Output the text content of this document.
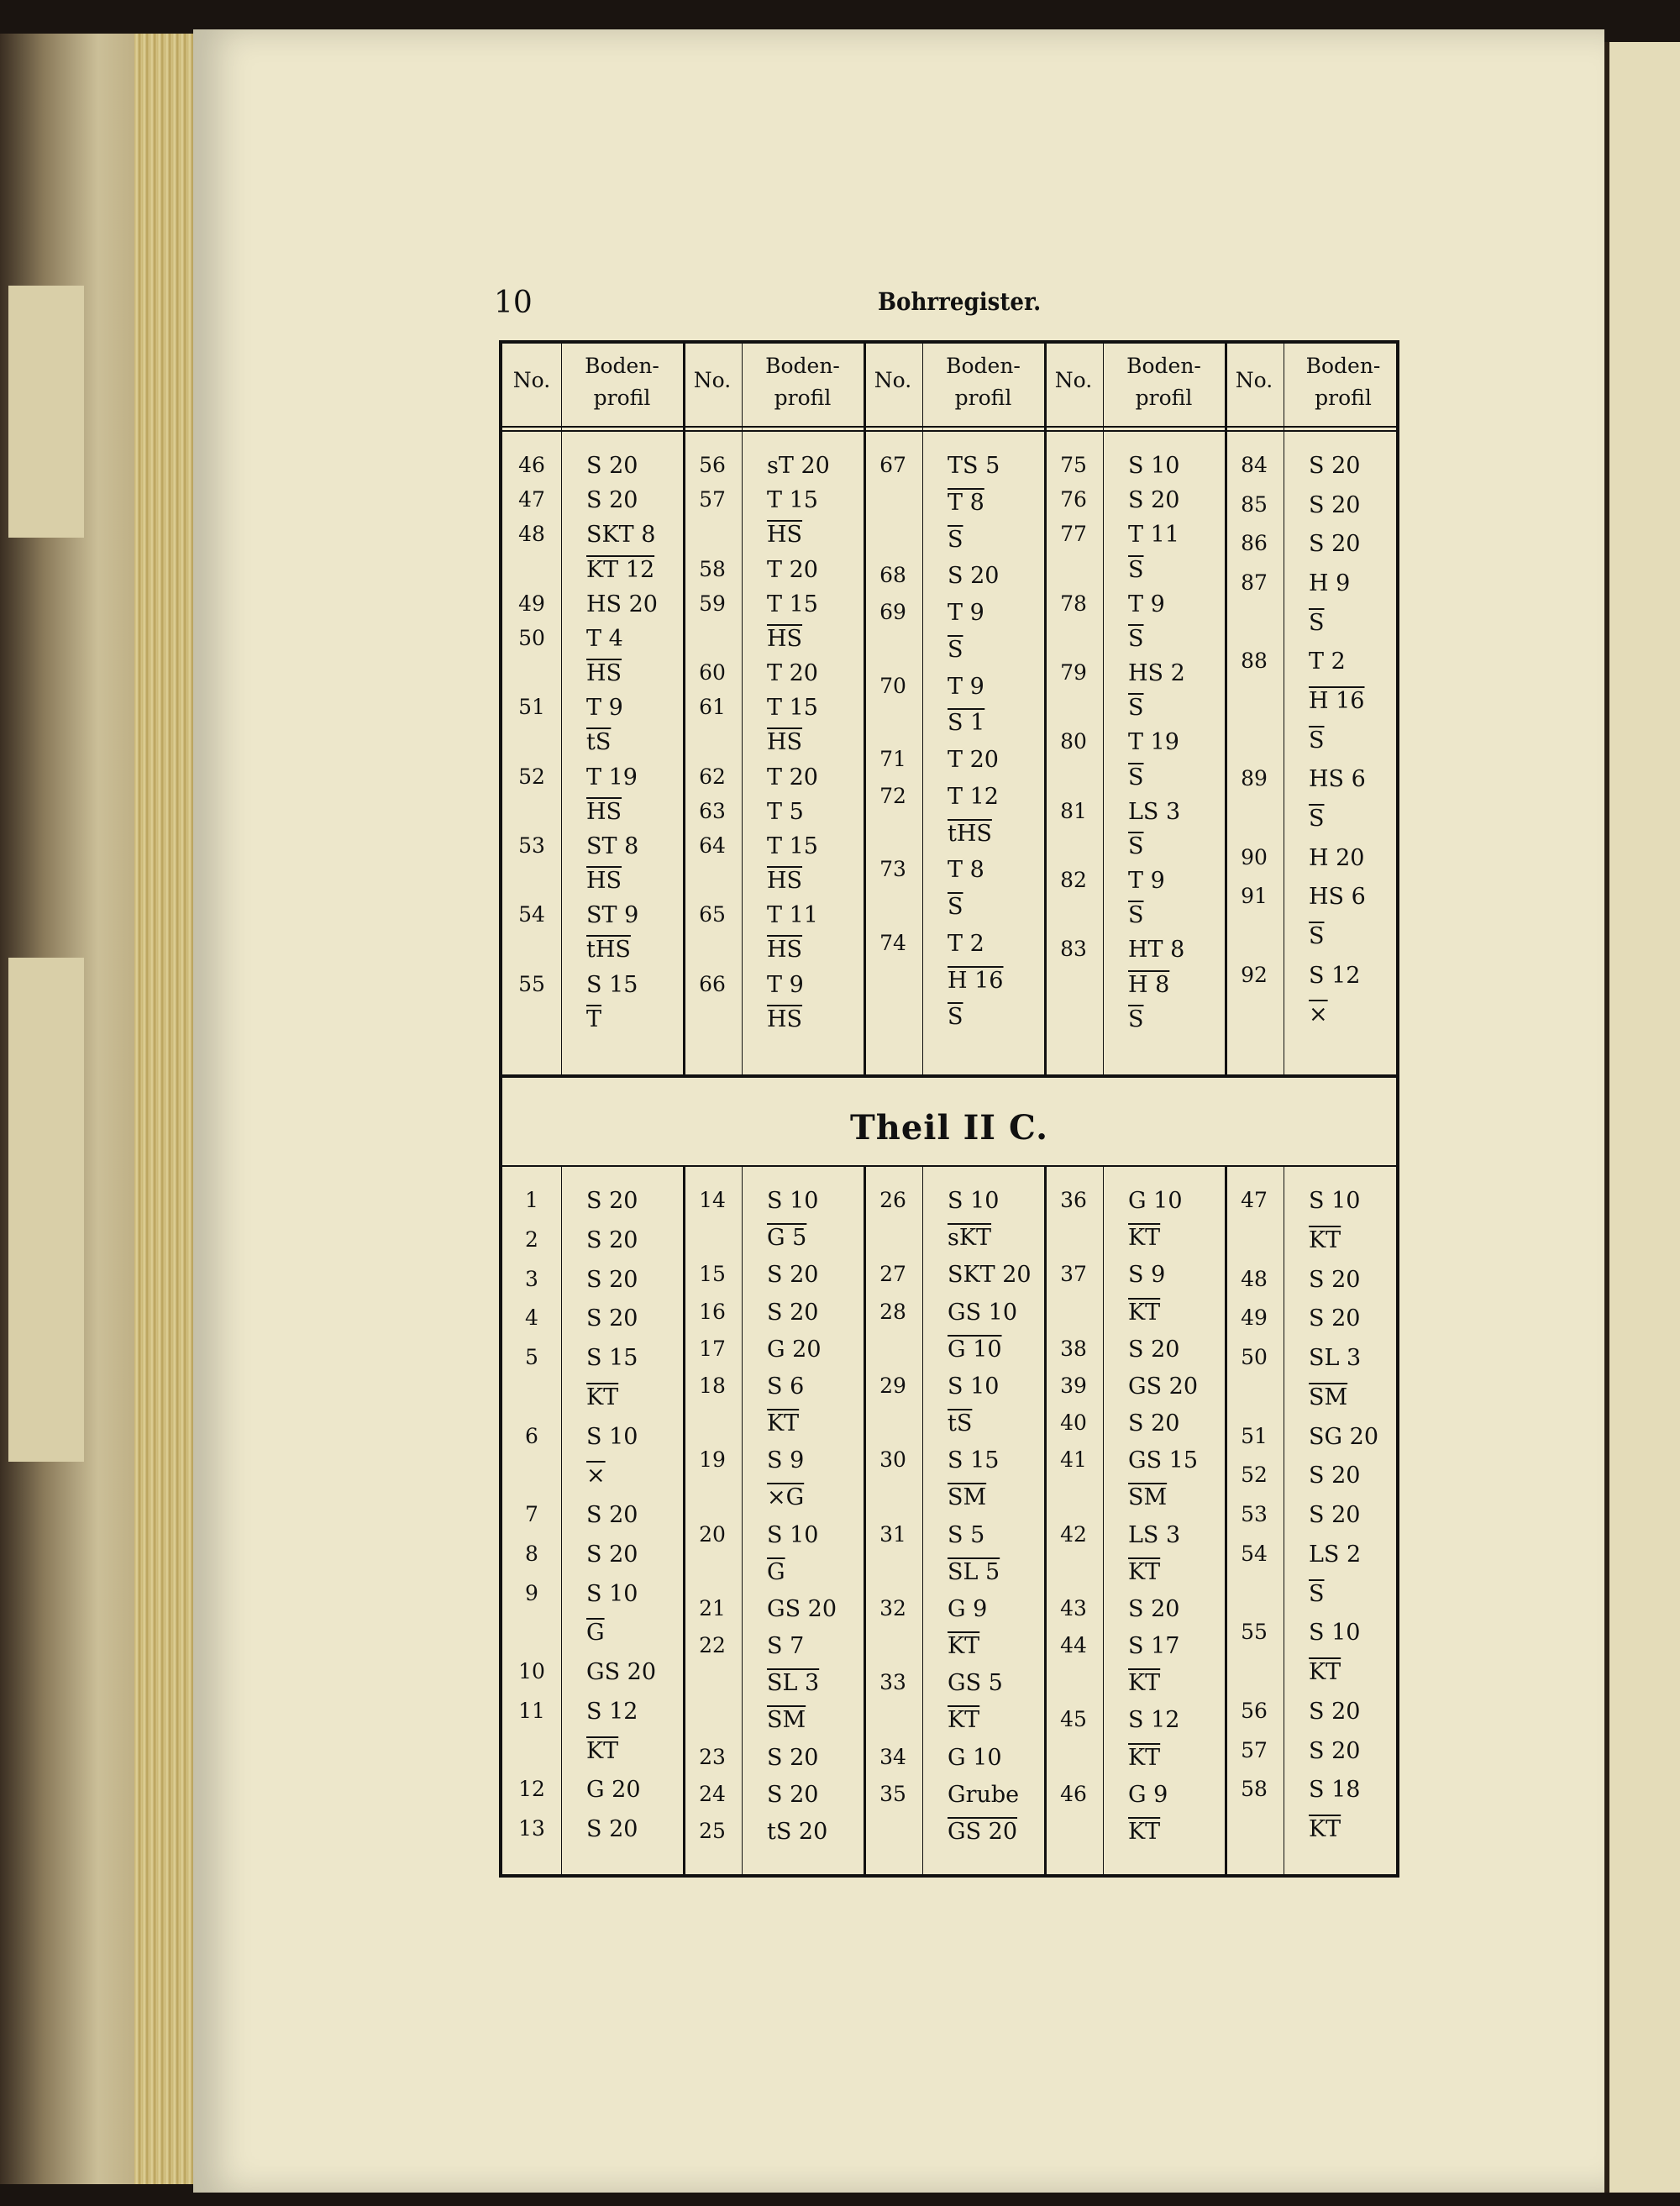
10	Bohrregister.
Theil II C.
No.
Boden-
profil
No.
Boden-
profil
No.
Boden-
profil
No.
Boden-
profil
No.
Boden-
profil
46	S 20
47	S 20
48	SKT 8
KT 12
49	HS 20
50	T 4
$\overline{HS}$
51	T 9
$\overline{tS}$
52	T 19
$\overline{HS}$
53	ST 8
$\overline{HS}$
54	ST 9
$\overline{tHS}$
55	S 15
$\overline{T}$
56	sT 20
57	T 15
$\overline{HS}$
58	T 20
59	T 15
$\overline{HS}$
60	T 20
61	T 15
$\overline{HS}$
62	T 20
63	T 5
64	T 15
$\overline{HS}$
65	T 11
$\overline{HS}$
66	T 9
$\overline{HS}$
67	TS 5
T 8
$\overline{S}$
68	S 20
69	T 9
$\overline{S}$
70	T 9
S 1
71	T 20
72	T 12
$\overline{tHS}$
73	T 8
$\overline{S}$
74	T 2
H 16
$\overline{S}$
75	S 10
76	S 20
77	T 11
$\overline{S}$
78	T 9
$\overline{S}$
79	HS 2
$\overline{S}$
80	T 19
$\overline{S}$
81	LS 3
$\overline{S}$
82	T 9
$\overline{S}$
83	HT 8
H 8
$\overline{S}$
84	S 20
85	S 20
86	S 20
87	H 9
$\overline{S}$
88	T 2
H 16
$\overline{S}$
89	HS 6
$\overline{S}$
90	H 20
91	HS 6
$\overline{S}$
92	S 12
×
1	S 20
2	S 20
3	S 20
4	S 20
5	S 15
$\overline{KT}$
6	S 10
×
7	S 20
8	S 20
9	S 10
$\overline{G}$
10	GS 20
11	S 12
$\overline{KT}$
12	G 20
13	S 20
14	S 10
G 5
15	S 20
16	S 20
17	G 20
18	S 6
$\overline{KT}$
19	S 9
×G
20	S 10
$\overline{G}$
21	GS 20
22	S 7
SL 3
$\overline{SM}$
23	S 20
24	S 20
25	tS 20
26	S 10
$\overline{sKT}$
27	SKT 20
28	GS 10
G 10
29	S 10
$\overline{tS}$
30	S 15
$\overline{SM}$
31	S 5
SL 5
32	G 9
$\overline{KT}$
33	GS 5
$\overline{KT}$
34	G 10
35	Grube
GS 20
36	G 10
$\overline{KT}$
37	S 9
$\overline{KT}$
38	S 20
39	GS 20
40	S 20
41	GS 15
$\overline{SM}$
42	LS 3
$\overline{KT}$
43	S 20
44	S 17
$\overline{KT}$
45	S 12
$\overline{KT}$
46	G 9
$\overline{KT}$
47	S 10
$\overline{KT}$
48	S 20
49	S 20
50	SL 3
$\overline{SM}$
51	SG 20
52	S 20
53	S 20
54	LS 2
$\overline{S}$
55	S 10
$\overline{KT}$
56	S 20
57	S 20
58	S 18
$\overline{KT}$
